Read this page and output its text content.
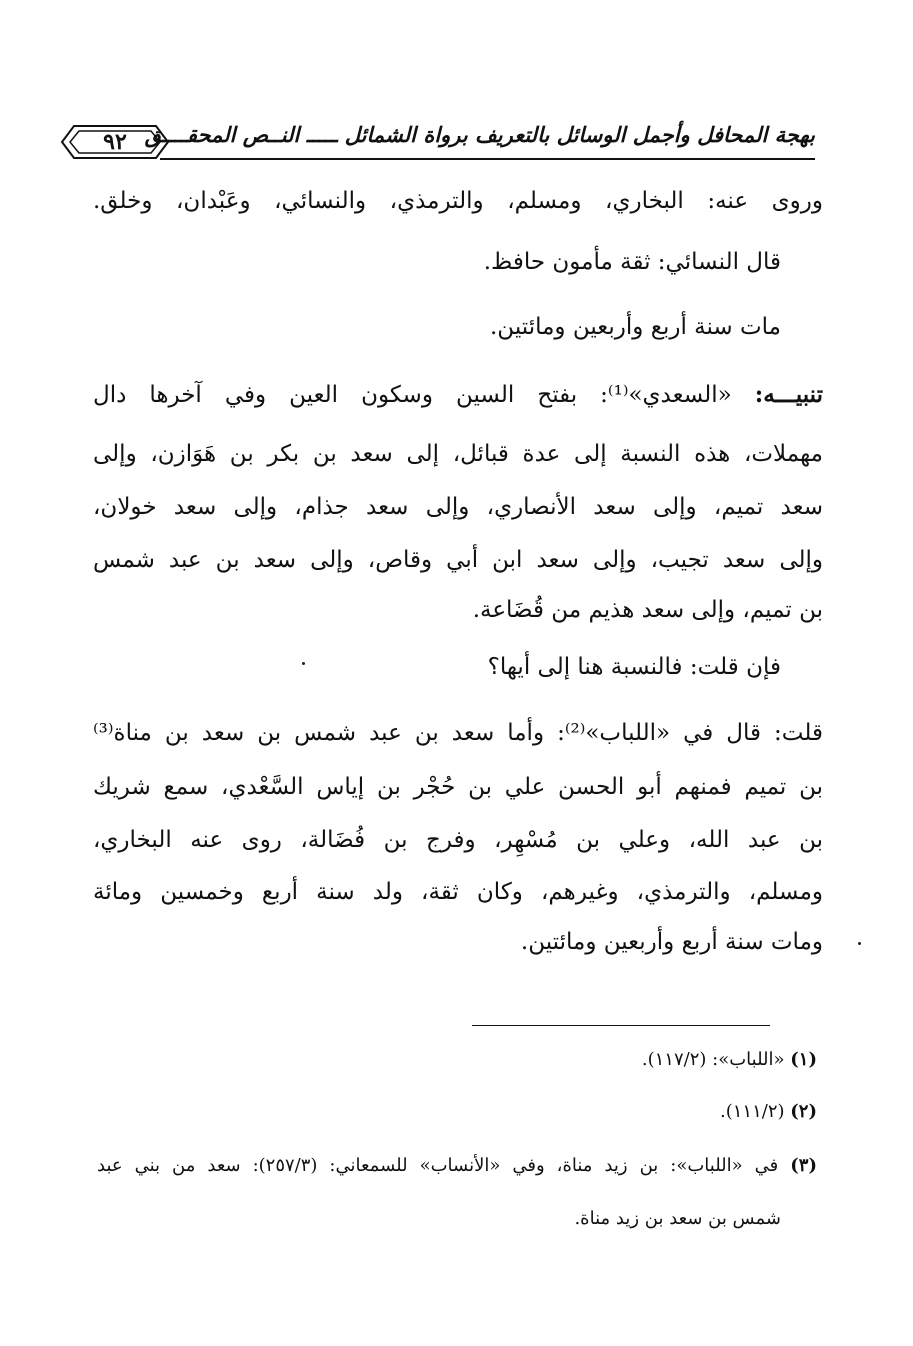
بهجة المحافل وأجمل الوسائل بالتعريف برواة الشمائل ـــــ النــص المحقــــق
٩٢
وروى عنه: البخاري، ومسلم، والترمذي، والنسائي، وعَبْدان، وخلق.
قال النسائي: ثقة مأمون حافظ.
مات سنة أربع وأربعين ومائتين.
تنبيـــه: «السعدي»⁽¹⁾: بفتح السين وسكون العين وفي آخرها دال
مهملات، هذه النسبة إلى عدة قبائل، إلى سعد بن بكر بن هَوَازن، وإلى
سعد تميم، وإلى سعد الأنصاري، وإلى سعد جذام، وإلى سعد خولان،
وإلى سعد تجيب، وإلى سعد ابن أبي وقاص، وإلى سعد بن عبد شمس
بن تميم، وإلى سعد هذيم من قُضَاعة.
فإن قلت: فالنسبة هنا إلى أيها؟
قلت: قال في «اللباب»⁽²⁾: وأما سعد بن عبد شمس بن سعد بن مناة⁽³⁾
بن تميم فمنهم أبو الحسن علي بن حُجْر بن إياس السَّعْدي، سمع شريك
بن عبد الله، وعلي بن مُسْهِر، وفرج بن فُضَالة، روى عنه البخاري،
ومسلم، والترمذي، وغيرهم، وكان ثقة، ولد سنة أربع وخمسين ومائة
ومات سنة أربع وأربعين ومائتين.
(١) «اللباب»: (١١٧/٢).
(٢) (١١١/٢).
(٣) في «اللباب»: بن زيد مناة، وفي «الأنساب» للسمعاني: (٢٥٧/٣): سعد من بني عبد
شمس بن سعد بن زيد مناة.
